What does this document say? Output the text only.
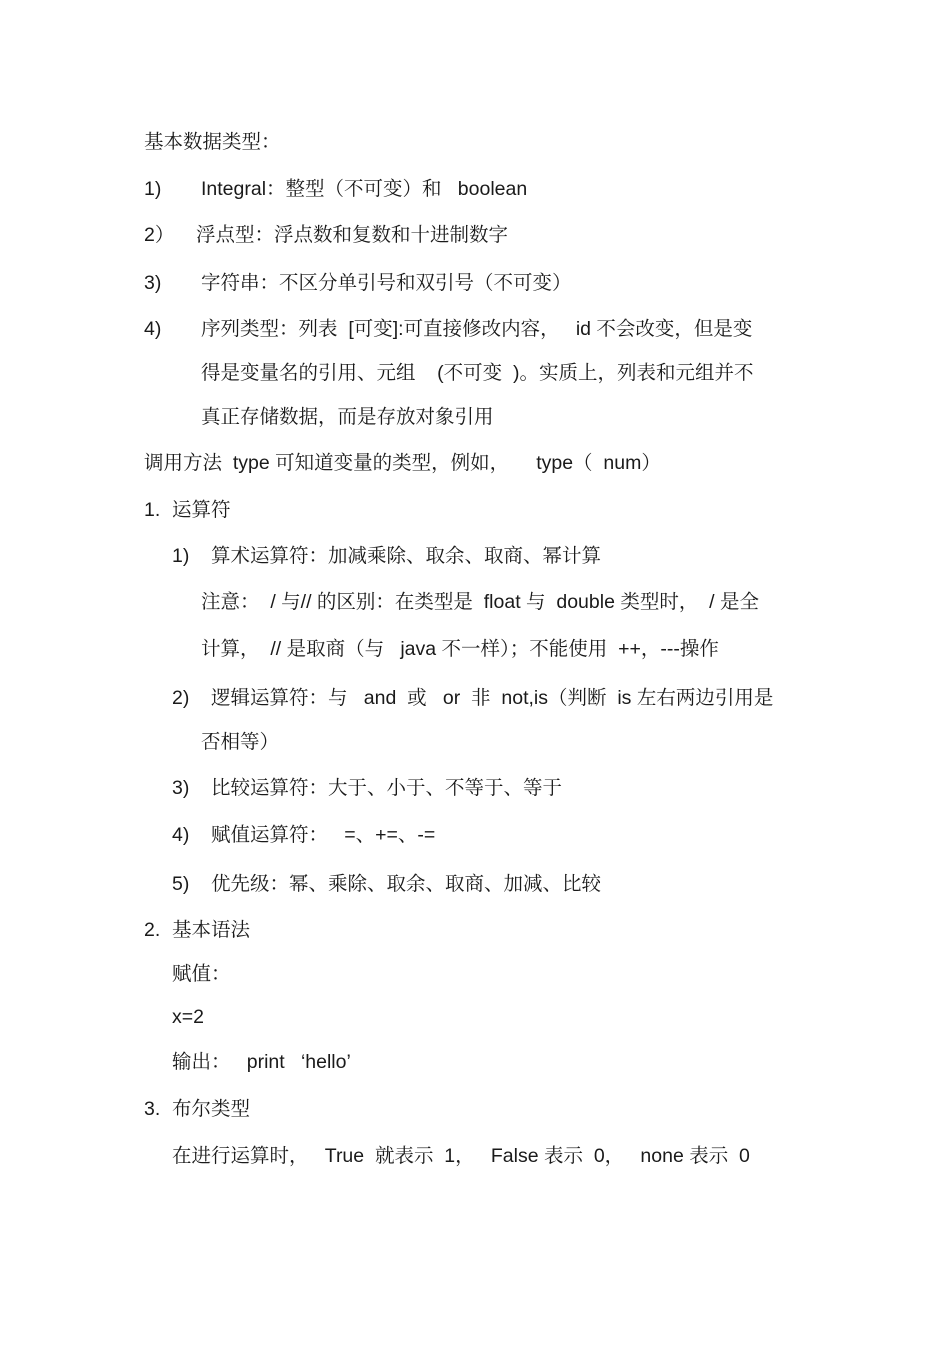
基本数据类型：
1) Integral：整型（不可变）和   boolean
2） 浮点型：浮点数和复数和十进制数字
3) 字符串：不区分单引号和双引号（不可变）
4) 序列类型：列表  [可变]:可直接修改内容，   id 不会改变，但是变
得是变量名的引用、元组    (不可变  )。实质上，列表和元组并不
真正存储数据，而是存放对象引用
调用方法  type 可知道变量的类型，例如，     type（  num）
1. 运算符
1) 算术运算符：加减乘除、取余、取商、幂计算
注意：  / 与// 的区别：在类型是  float 与  double 类型时，  / 是全
计算，  // 是取商（与   java 不一样）；不能使用  ++，---操作
2) 逻辑运算符：与   and  或   or  非  not,is（判断  is 左右两边引用是
否相等）
3) 比较运算符：大于、小于、不等于、等于
4) 赋值运算符：   =、+=、-=
5) 优先级：幂、乘除、取余、取商、加减、比较
2. 基本语法
赋值：
x=2
输出：   print   ‘hello’
3. 布尔类型
在进行运算时，   True  就表示  1，   False 表示  0，   none 表示  0
